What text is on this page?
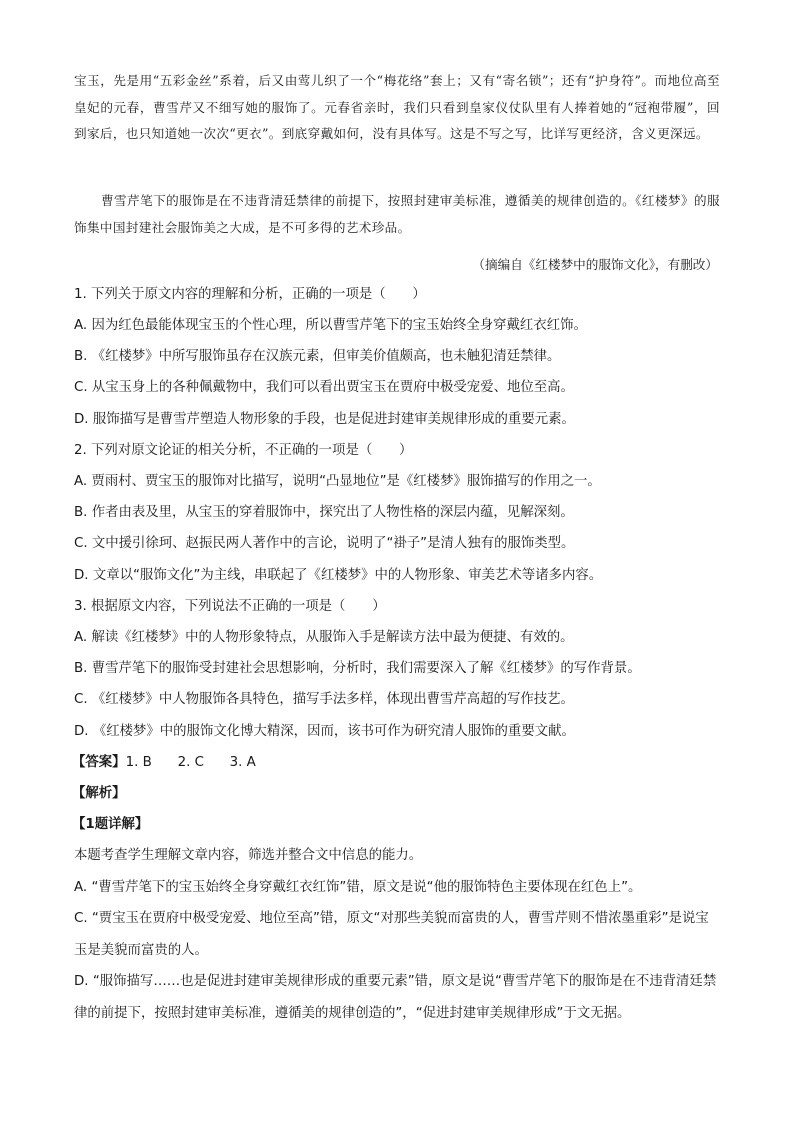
宝玉，先是用“五彩金丝”系着，后又由莺儿织了一个“梅花络”套上；又有“寄名锁”；还有“护身符”。而地位高至皇妃的元春，曹雪芹又不细写她的服饰了。元春省亲时，我们只看到皇家仪仗队里有人捧着她的“冠袍带履”，回到家后，也只知道她一次次“更衣”。到底穿戴如何，没有具体写。这是不写之写，比详写更经济，含义更深远。

曹雪芹笔下的服饰是在不违背清廷禁律的前提下，按照封建审美标准，遵循美的规律创造的。《红楼梦》的服饰集中国封建社会服饰美之大成，是不可多得的艺术珍品。

（摘编自《红楼梦中的服饰文化》，有删改）

1. 下列关于原文内容的理解和分析，正确的一项是（　　）

A. 因为红色最能体现宝玉的个性心理，所以曹雪芹笔下的宝玉始终全身穿戴红衣红饰。

B. 《红楼梦》中所写服饰虽存在汉族元素，但审美价值颇高，也未触犯清廷禁律。

C. 从宝玉身上的各种佩戴物中，我们可以看出贾宝玉在贾府中极受宠爱、地位至高。

D. 服饰描写是曹雪芹塑造人物形象的手段，也是促进封建审美规律形成的重要元素。

2. 下列对原文论证的相关分析，不正确的一项是（　　）

A. 贾雨村、贾宝玉的服饰对比描写，说明“凸显地位”是《红楼梦》服饰描写的作用之一。

B. 作者由表及里，从宝玉的穿着服饰中，探究出了人物性格的深层内蕴，见解深刻。

C. 文中援引徐珂、赵振民两人著作中的言论，说明了“褂子”是清人独有的服饰类型。

D. 文章以“服饰文化”为主线，串联起了《红楼梦》中的人物形象、审美艺术等诸多内容。

3. 根据原文内容，下列说法不正确的一项是（　　）

A. 解读《红楼梦》中的人物形象特点，从服饰入手是解读方法中最为便捷、有效的。

B. 曹雪芹笔下的服饰受封建社会思想影响，分析时，我们需要深入了解《红楼梦》的写作背景。

C. 《红楼梦》中人物服饰各具特色，描写手法多样，体现出曹雪芹高超的写作技艺。

D. 《红楼梦》中的服饰文化博大精深，因而，该书可作为研究清人服饰的重要文献。

【答案】1. B 2. C 3. A

【解析】

【1题详解】

本题考查学生理解文章内容，筛选并整合文中信息的能力。

A. “曹雪芹笔下的宝玉始终全身穿戴红衣红饰”错，原文是说“他的服饰特色主要体现在红色上”。

C. “贾宝玉在贾府中极受宠爱、地位至高”错，原文“对那些美貌而富贵的人，曹雪芹则不惜浓墨重彩”是说宝玉是美貌而富贵的人。

D. “服饰描写……也是促进封建审美规律形成的重要元素”错，原文是说“曹雪芹笔下的服饰是在不违背清廷禁律的前提下，按照封建审美标准，遵循美的规律创造的”，“促进封建审美规律形成”于文无据。
